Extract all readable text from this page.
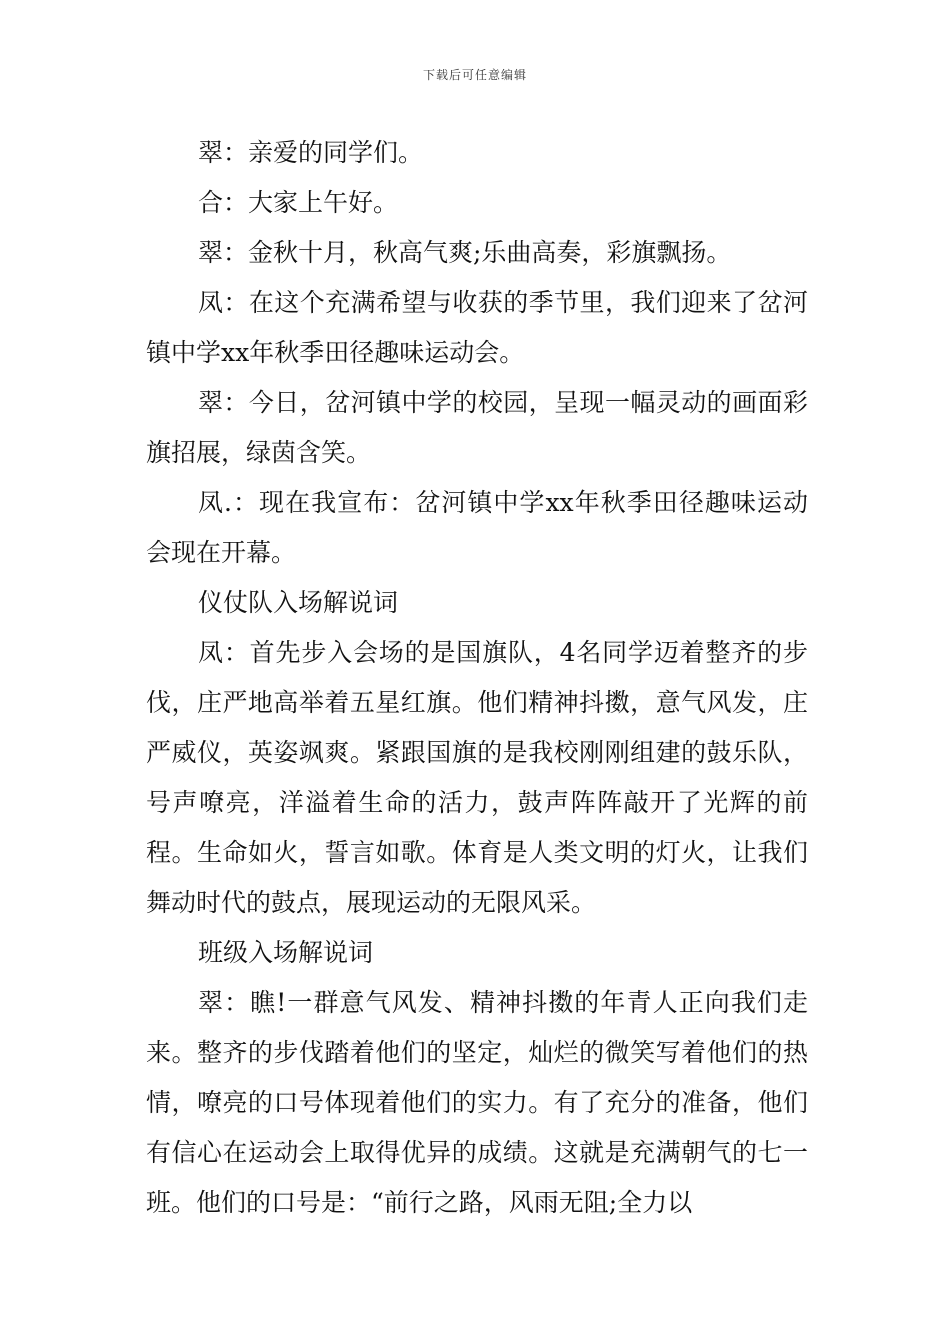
下载后可任意编辑

翠：亲爱的同学们。

合：大家上午好。

翠：金秋十月，秋高气爽;乐曲高奏，彩旗飘扬。

凤：在这个充满希望与收获的季节里，我们迎来了岔河镇中学xx年秋季田径趣味运动会。

翠：今日，岔河镇中学的校园，呈现一幅灵动的画面彩旗招展，绿茵含笑。

凤.：现在我宣布：岔河镇中学xx年秋季田径趣味运动会现在开幕。

仪仗队入场解说词

凤：首先步入会场的是国旗队，4名同学迈着整齐的步伐，庄严地高举着五星红旗。他们精神抖擞，意气风发，庄严威仪，英姿飒爽。紧跟国旗的是我校刚刚组建的鼓乐队，号声嘹亮，洋溢着生命的活力，鼓声阵阵敲开了光辉的前程。生命如火，誓言如歌。体育是人类文明的灯火，让我们舞动时代的鼓点，展现运动的无限风采。

班级入场解说词

翠：瞧!一群意气风发、精神抖擞的年青人正向我们走来。整齐的步伐踏着他们的坚定，灿烂的微笑写着他们的热情，嘹亮的口号体现着他们的实力。有了充分的准备，他们有信心在运动会上取得优异的成绩。这就是充满朝气的七一班。他们的口号是：“前行之路，风雨无阻;全力以
